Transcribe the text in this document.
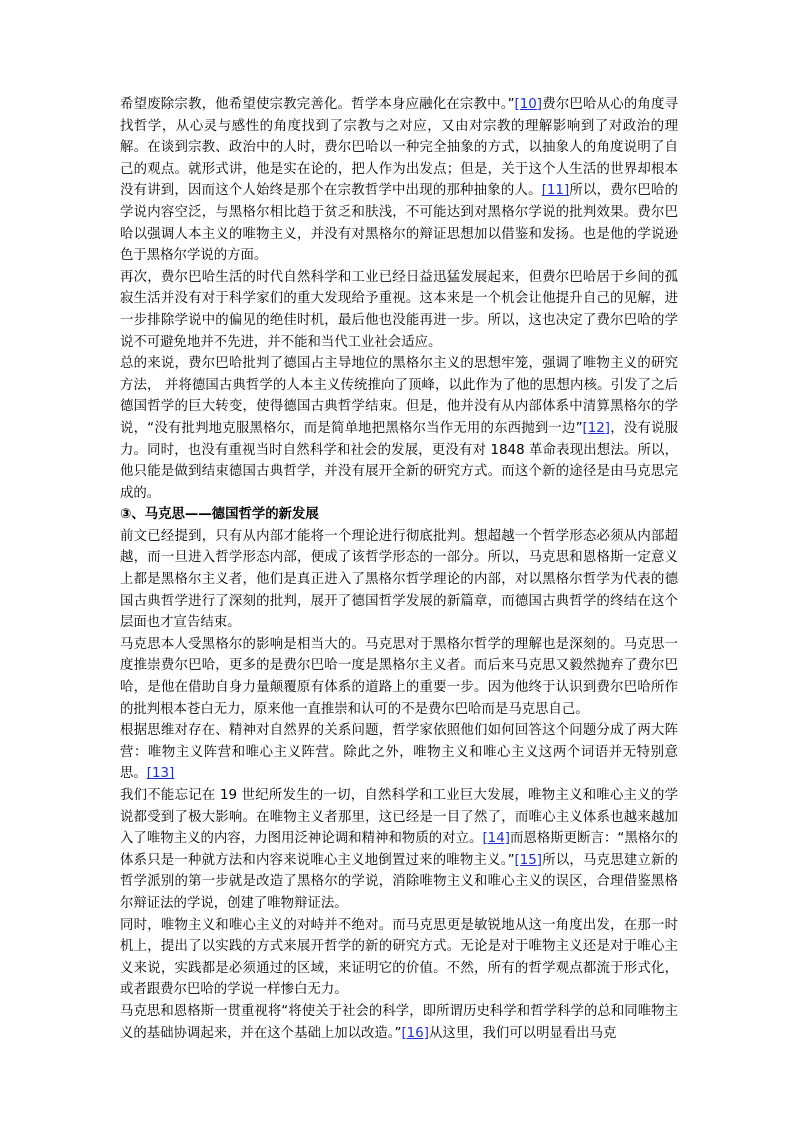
希望废除宗教，他希望使宗教完善化。哲学本身应融化在宗教中。”[10]费尔巴哈从心的角度寻找哲学，从心灵与感性的角度找到了宗教与之对应，又由对宗教的理解影响到了对政治的理解。在谈到宗教、政治中的人时，费尔巴哈以一种完全抽象的方式，以抽象人的角度说明了自己的观点。就形式讲，他是实在论的，把人作为出发点；但是，关于这个人生活的世界却根本没有讲到，因而这个人始终是那个在宗教哲学中出现的那种抽象的人。[11]所以，费尔巴哈的学说内容空泛，与黑格尔相比趋于贫乏和肤浅，不可能达到对黑格尔学说的批判效果。费尔巴哈以强调人本主义的唯物主义，并没有对黑格尔的辩证思想加以借鉴和发扬。也是他的学说逊色于黑格尔学说的方面。

再次，费尔巴哈生活的时代自然科学和工业已经日益迅猛发展起来，但费尔巴哈居于乡间的孤寂生活并没有对于科学家们的重大发现给予重视。这本来是一个机会让他提升自己的见解，进一步排除学说中的偏见的绝佳时机，最后他也没能再进一步。所以，这也决定了费尔巴哈的学说不可避免地并不先进，并不能和当代工业社会适应。

总的来说，费尔巴哈批判了德国占主导地位的黑格尔主义的思想牢笼，强调了唯物主义的研究方法， 并将德国古典哲学的人本主义传统推向了顶峰，以此作为了他的思想内核。引发了之后德国哲学的巨大转变，使得德国古典哲学结束。但是，他并没有从内部体系中清算黑格尔的学说，“没有批判地克服黑格尔，而是简单地把黑格尔当作无用的东西抛到一边”[12]，没有说服力。同时，也没有重视当时自然科学和社会的发展，更没有对 1848 革命表现出想法。所以，他只能是做到结束德国古典哲学，并没有展开全新的研究方式。而这个新的途径是由马克思完成的。

③、马克思——德国哲学的新发展

前文已经提到，只有从内部才能将一个理论进行彻底批判。想超越一个哲学形态必须从内部超越，而一旦进入哲学形态内部，便成了该哲学形态的一部分。所以，马克思和恩格斯一定意义上都是黑格尔主义者，他们是真正进入了黑格尔哲学理论的内部，对以黑格尔哲学为代表的德国古典哲学进行了深刻的批判，展开了德国哲学发展的新篇章，而德国古典哲学的终结在这个层面也才宣告结束。

马克思本人受黑格尔的影响是相当大的。马克思对于黑格尔哲学的理解也是深刻的。马克思一度推崇费尔巴哈，更多的是费尔巴哈一度是黑格尔主义者。而后来马克思又毅然抛弃了费尔巴哈，是他在借助自身力量颠覆原有体系的道路上的重要一步。因为他终于认识到费尔巴哈所作的批判根本苍白无力，原来他一直推崇和认可的不是费尔巴哈而是马克思自己。

根据思维对存在、精神对自然界的关系问题，哲学家依照他们如何回答这个问题分成了两大阵营：唯物主义阵营和唯心主义阵营。除此之外，唯物主义和唯心主义这两个词语并无特别意思。[13]

我们不能忘记在 19 世纪所发生的一切，自然科学和工业巨大发展，唯物主义和唯心主义的学说都受到了极大影响。在唯物主义者那里，这已经是一目了然了，而唯心主义体系也越来越加入了唯物主义的内容，力图用泛神论调和精神和物质的对立。[14]而恩格斯更断言：“黑格尔的体系只是一种就方法和内容来说唯心主义地倒置过来的唯物主义。”[15]所以，马克思建立新的哲学派别的第一步就是改造了黑格尔的学说，消除唯物主义和唯心主义的误区，合理借鉴黑格尔辩证法的学说，创建了唯物辩证法。

同时，唯物主义和唯心主义的对峙并不绝对。而马克思更是敏锐地从这一角度出发，在那一时机上，提出了以实践的方式来展开哲学的新的研究方式。无论是对于唯物主义还是对于唯心主义来说，实践都是必须通过的区域，来证明它的价值。不然，所有的哲学观点都流于形式化，或者跟费尔巴哈的学说一样惨白无力。

马克思和恩格斯一贯重视将“将使关于社会的科学，即所谓历史科学和哲学科学的总和同唯物主义的基础协调起来，并在这个基础上加以改造。”[16]从这里，我们可以明显看出马克
